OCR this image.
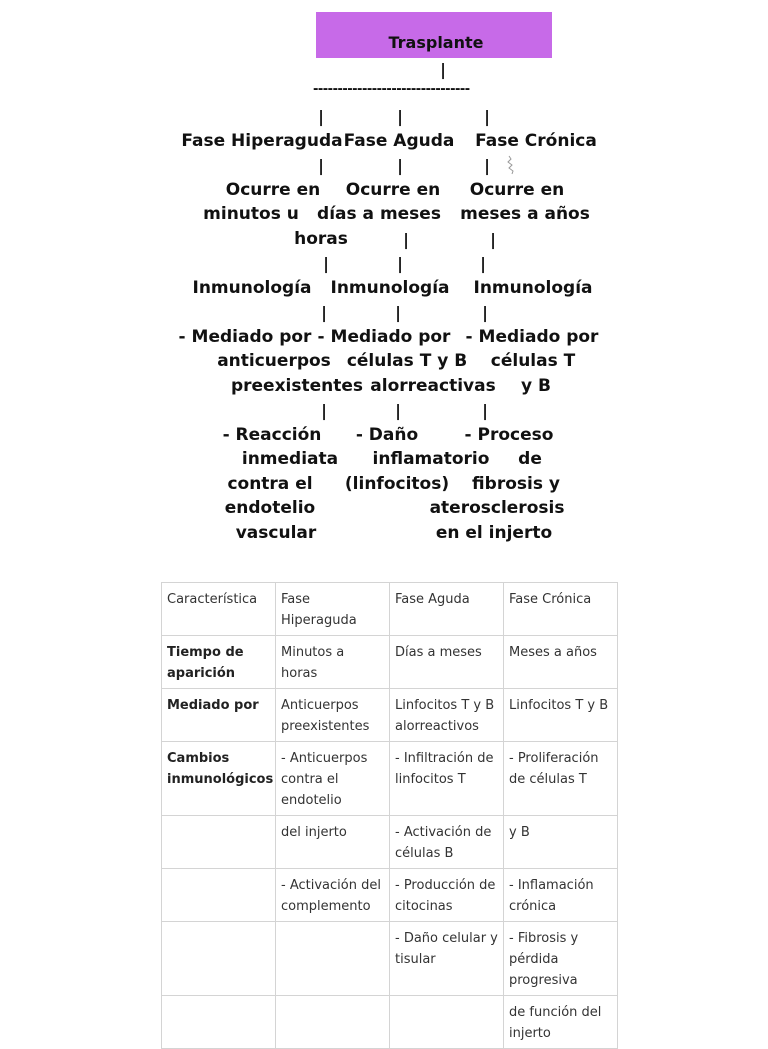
Trasplante
|
--------------------------------
|	|	|
Fase Hiperaguda Fase Aguda Fase Crónica
|	|	|
Ocurre en
minutos u
horas
Ocurre en
días a meses
Ocurre en
meses a años
|	|
|	|	|
Inmunología Inmunología Inmunología
|	|	|
- Mediado por
anticuerpos
preexistentes
- Mediado por
células T y B
alorreactivas
- Mediado por
células T
y B
|	|	|
- Reacción
inmediata
contra el
endotelio
vascular
- Daño
inflamatorio
(linfocitos)
- Proceso
de
fibrosis y
aterosclerosis
en el injerto
Característica	Fase Hiperaguda	Fase Aguda	Fase Crónica
Tiempo de aparición	Minutos a horas	Días a meses	Meses a años
Mediado por	Anticuerpos preexistentes	Linfocitos T y B alorreactivos	Linfocitos T y B
Cambios inmunológicos	- Anticuerpos contra el endotelio	- Infiltración de linfocitos T	- Proliferación de células T
	del injerto	- Activación de células B	y B
	- Activación del complemento	- Producción de citocinas	- Inflamación crónica
		- Daño celular y tisular	- Fibrosis y pérdida progresiva
			de función del injerto
